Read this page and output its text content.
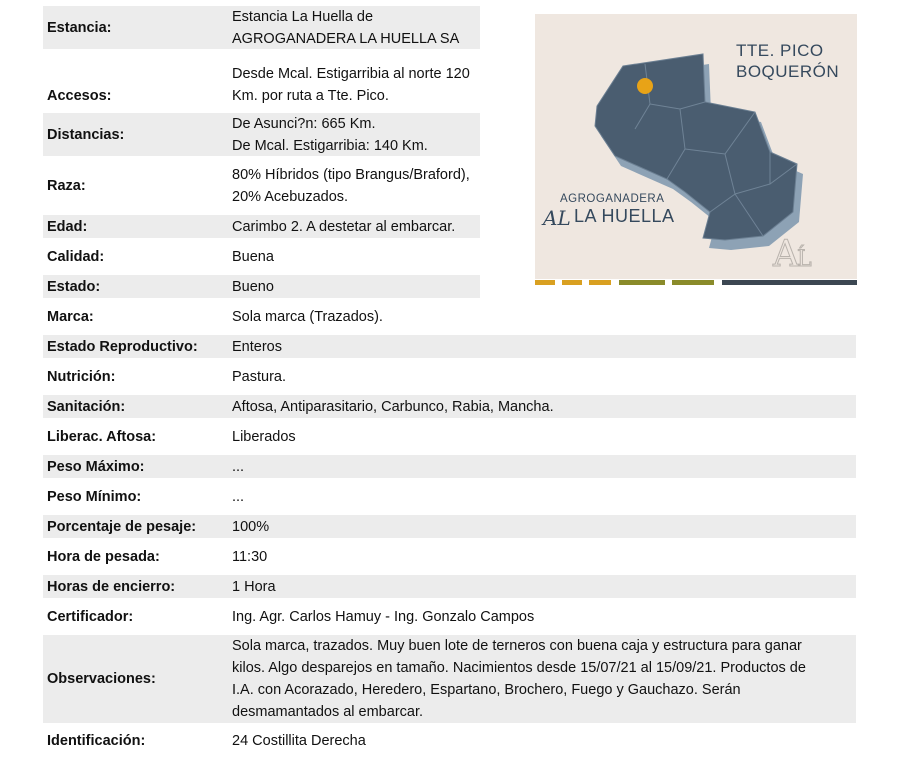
Estancia:
Estancia La Huella de
AGROGANADERA LA HUELLA SA
Accesos:
Desde Mcal. Estigarribia al norte 120
Km. por ruta a Tte. Pico.
Distancias:
De Asunci?n: 665 Km.
De Mcal. Estigarribia: 140 Km.
Raza:
80% Híbridos (tipo Brangus/Braford),
20% Acebuzados.
Edad:	Carimbo 2. A destetar al embarcar.
Calidad:	Buena
Estado:	Bueno
Marca:	Sola marca (Trazados).
Estado Reproductivo:	Enteros
Nutrición:	Pastura.
Sanitación:	Aftosa, Antiparasitario, Carbunco, Rabia, Mancha.
Liberac. Aftosa:	Liberados
Peso Máximo:	...
Peso Mínimo:	...
Porcentaje de pesaje:	100%
Hora de pesada:	11:30
Horas de encierro:	1 Hora
Certificador:	Ing. Agr. Carlos Hamuy - Ing. Gonzalo Campos
Observaciones:
Sola marca, trazados. Muy buen lote de terneros con buena caja y estructura para ganar
kilos. Algo desparejos en tamaño. Nacimientos desde 15/07/21 al 15/09/21. Productos de
I.A. con Acorazado, Heredero, Espartano, Brochero, Fuego y Gauchazo. Serán
desmamantados al embarcar.
Identificación:	24 Costillita Derecha
A
Ĺ
AL
TTE. PICO
BOQUERÓN
AGROGANADERA
LA HUELLA
